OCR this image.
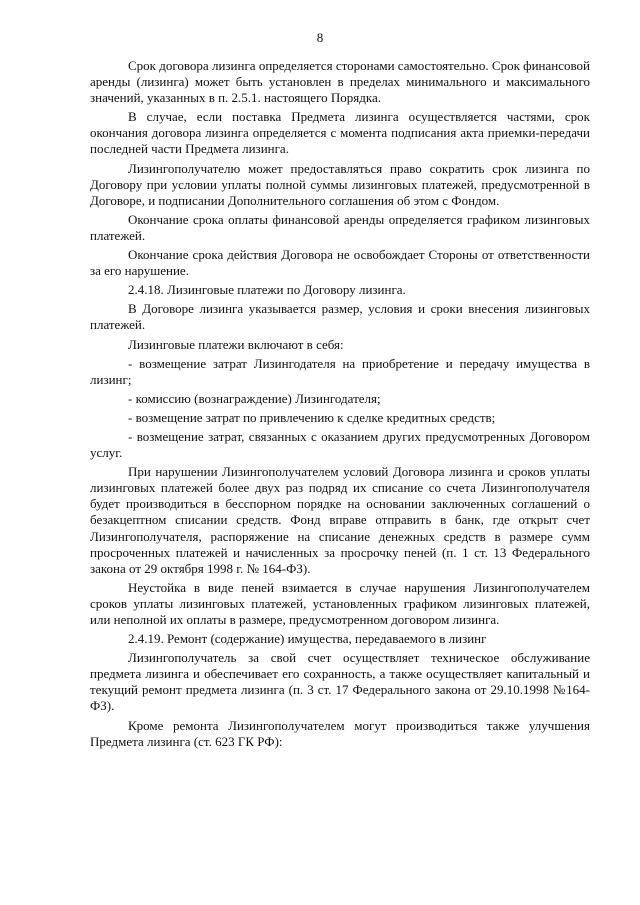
8

Срок договора лизинга определяется сторонами самостоятельно. Срок финансовой аренды (лизинга) может быть установлен в пределах минимального и максимального значений, указанных в п. 2.5.1. настоящего Порядка.

В случае, если поставка Предмета лизинга осуществляется частями, срок окончания договора лизинга определяется с момента подписания акта приемки-передачи последней части Предмета лизинга.

Лизингополучателю может предоставляться право сократить срок лизинга по Договору при условии уплаты полной суммы лизинговых платежей, предусмотренной в Договоре, и подписании Дополнительного соглашения об этом с Фондом.

Окончание срока оплаты финансовой аренды определяется графиком лизинговых платежей.

Окончание срока действия Договора не освобождает Стороны от ответственности за его нарушение.

2.4.18. Лизинговые платежи по Договору лизинга.

В Договоре лизинга указывается размер, условия и сроки внесения лизинговых платежей.

Лизинговые платежи включают в себя:

- возмещение затрат Лизингодателя на приобретение и передачу имущества в лизинг;

- комиссию (вознаграждение) Лизингодателя;

- возмещение затрат по привлечению к сделке кредитных средств;

- возмещение затрат, связанных с оказанием других предусмотренных Договором услуг.

При нарушении Лизингополучателем условий Договора лизинга и сроков уплаты лизинговых платежей более двух раз подряд их списание со счета Лизингополучателя будет производиться в бесспорном порядке на основании заключенных соглашений о безакцептном списании средств. Фонд вправе отправить в банк, где открыт счет Лизингополучателя, распоряжение на списание денежных средств в размере сумм просроченных платежей и начисленных за просрочку пеней (п. 1 ст. 13 Федерального закона от 29 октября 1998 г. № 164-ФЗ).

Неустойка в виде пеней взимается в случае нарушения Лизингополучателем сроков уплаты лизинговых платежей, установленных графиком лизинговых платежей, или неполной их оплаты в размере, предусмотренном договором лизинга.

2.4.19. Ремонт (содержание) имущества, передаваемого в лизинг

Лизингополучатель за свой счет осуществляет техническое обслуживание предмета лизинга и обеспечивает его сохранность, а также осуществляет капитальный и текущий ремонт предмета лизинга (п. 3 ст. 17 Федерального закона от 29.10.1998 №164-ФЗ).

Кроме ремонта Лизингополучателем могут производиться также улучшения Предмета лизинга (ст. 623 ГК РФ):
